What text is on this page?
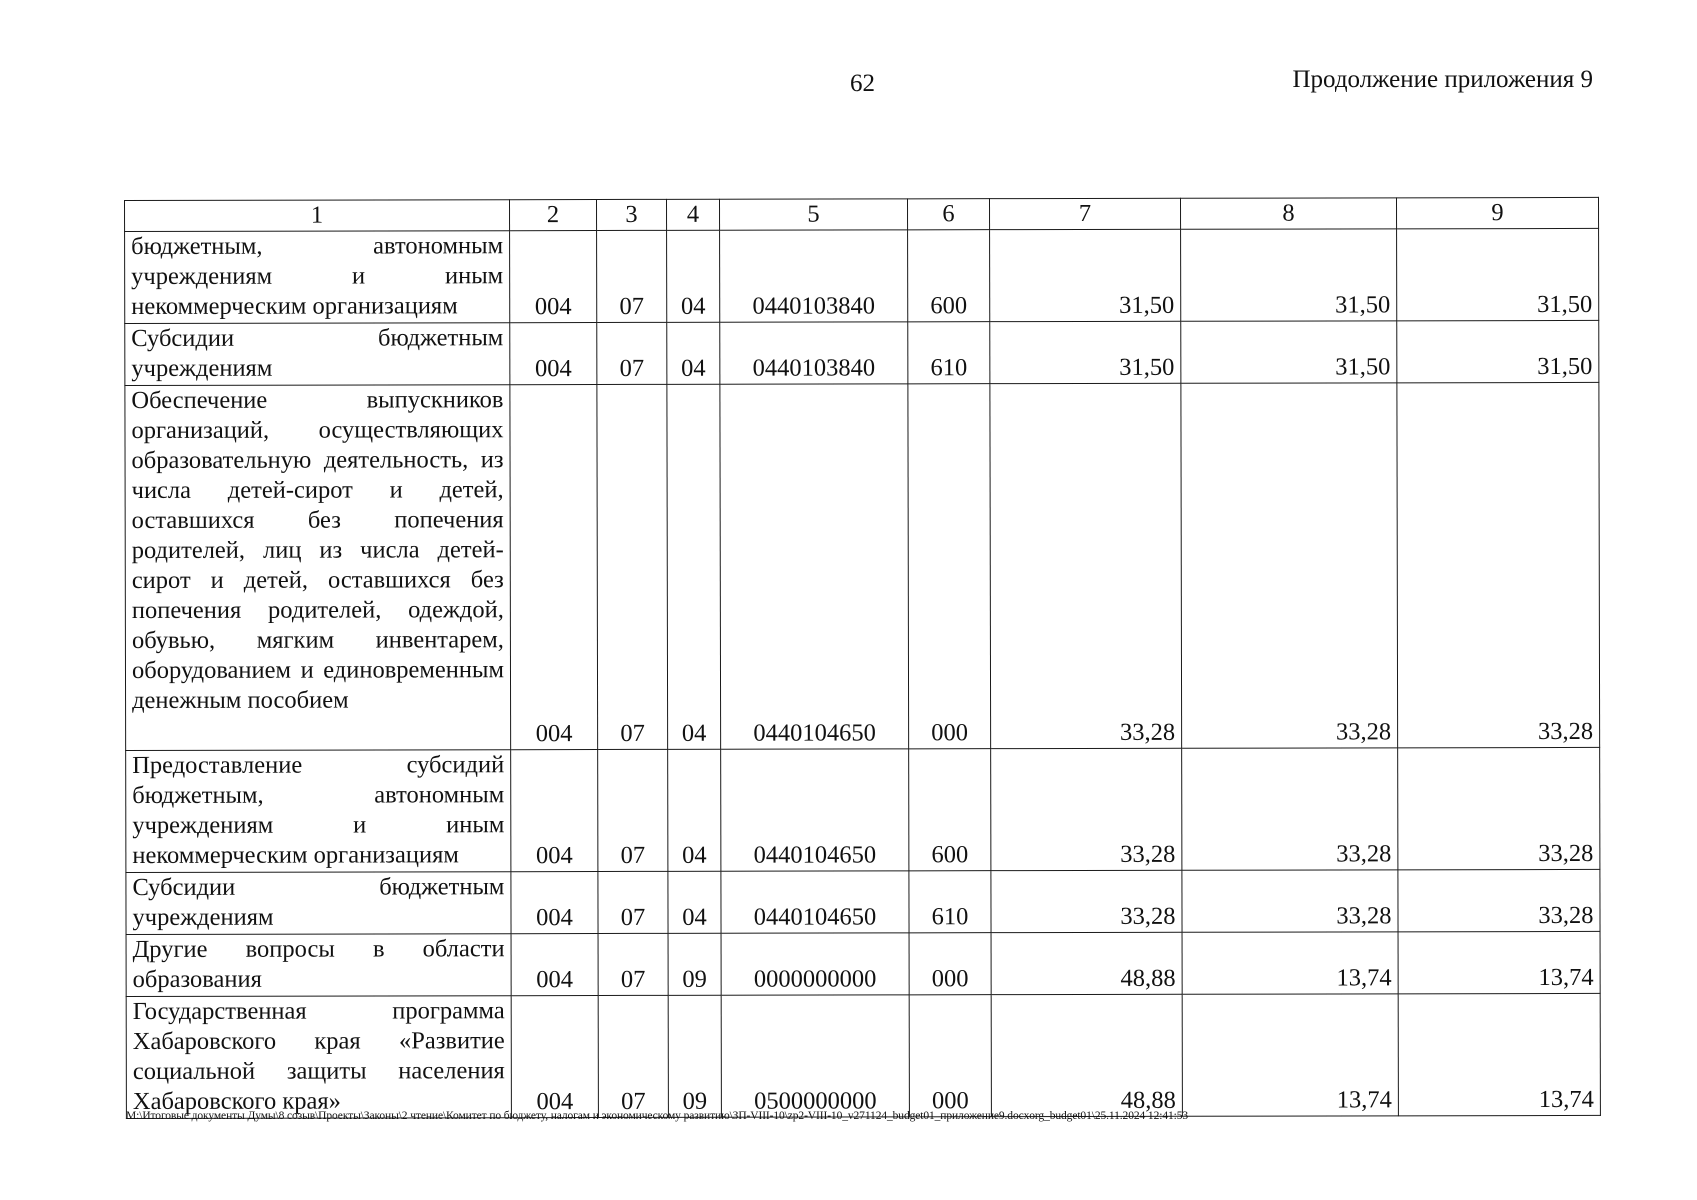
62	Продолжение приложения 9
1	2	3	4	5	6	7	8	9
бюджетным, автономным учреждениям и иным некоммерческим организациям	004	07	04	0440103840	600	31,50	31,50	31,50
Субсидии бюджетным учреждениям	004	07	04	0440103840	610	31,50	31,50	31,50
Обеспечение выпускников организаций, осуществляющих образовательную деятельность, из числа детей-сирот и детей, оставшихся без попечения родителей, лиц из числа детей-сирот и детей, оставшихся без попечения родителей, одеждой, обувью, мягким инвентарем, оборудованием и единовременным денежным пособием	004	07	04	0440104650	000	33,28	33,28	33,28
Предоставление субсидий бюджетным, автономным учреждениям и иным некоммерческим организациям	004	07	04	0440104650	600	33,28	33,28	33,28
Субсидии бюджетным учреждениям	004	07	04	0440104650	610	33,28	33,28	33,28
Другие вопросы в области образования	004	07	09	0000000000	000	48,88	13,74	13,74
Государственная программа Хабаровского края «Развитие социальной защиты населения Хабаровского края»	004	07	09	0500000000	000	48,88	13,74	13,74
М:\Итоговые документы Думы\8 созыв\Проекты\Законы\2 чтение\Комитет по бюджету, налогам и экономическому развитию\ЗП-VIII-10\zp2-VIII-10_v271124_budget01_приложение9.docxorg_budget01\25.11.2024 12:41:53
